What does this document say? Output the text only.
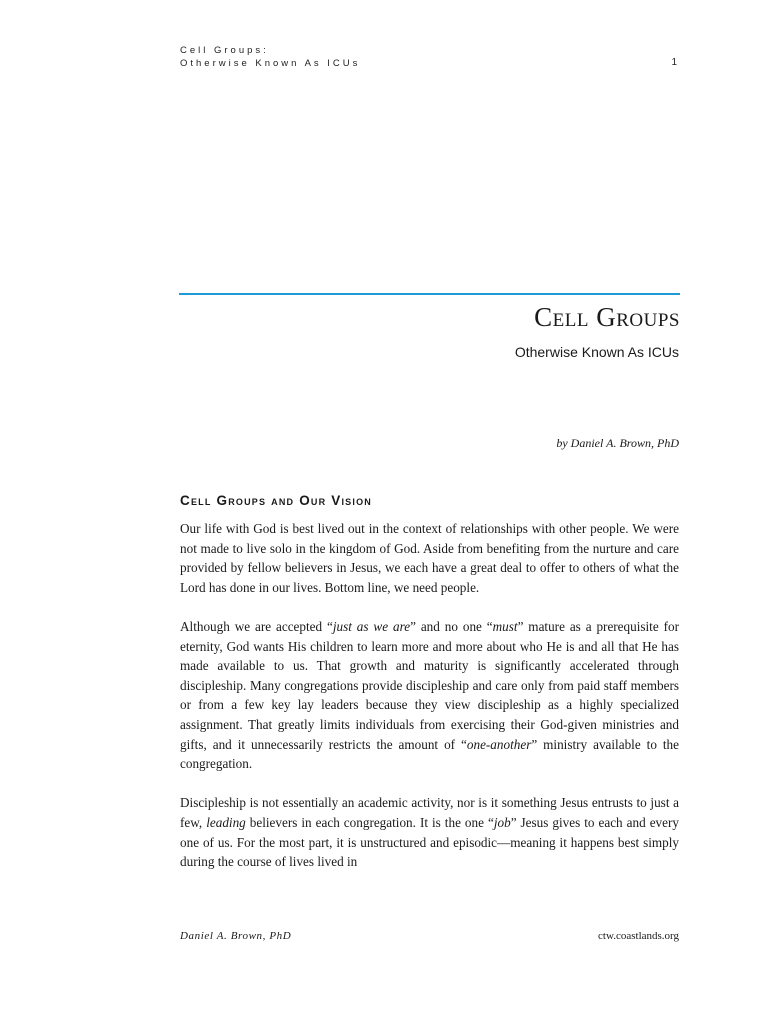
Cell Groups:
Otherwise Known As ICUs	1
Cell Groups
Otherwise Known As ICUs
by Daniel A. Brown, PhD
Cell Groups and Our Vision

Our life with God is best lived out in the context of relationships with other people. We were not made to live solo in the kingdom of God. Aside from benefiting from the nurture and care provided by fellow believers in Jesus, we each have a great deal to offer to others of what the Lord has done in our lives. Bottom line, we need people.

Although we are accepted “just as we are” and no one “must” mature as a prerequisite for eternity, God wants His children to learn more and more about who He is and all that He has made available to us. That growth and maturity is significantly accelerated through discipleship. Many congregations provide discipleship and care only from paid staff members or from a few key lay leaders because they view discipleship as a highly specialized assignment. That greatly limits individuals from exercising their God-given ministries and gifts, and it unnecessarily restricts the amount of “one-another” ministry available to the congregation.

Discipleship is not essentially an academic activity, nor is it something Jesus entrusts to just a few, leading believers in each congregation. It is the one “job” Jesus gives to each and every one of us. For the most part, it is unstructured and episodic—meaning it happens best simply during the course of lives lived in

Daniel A. Brown, PhD	ctw.coastlands.org
